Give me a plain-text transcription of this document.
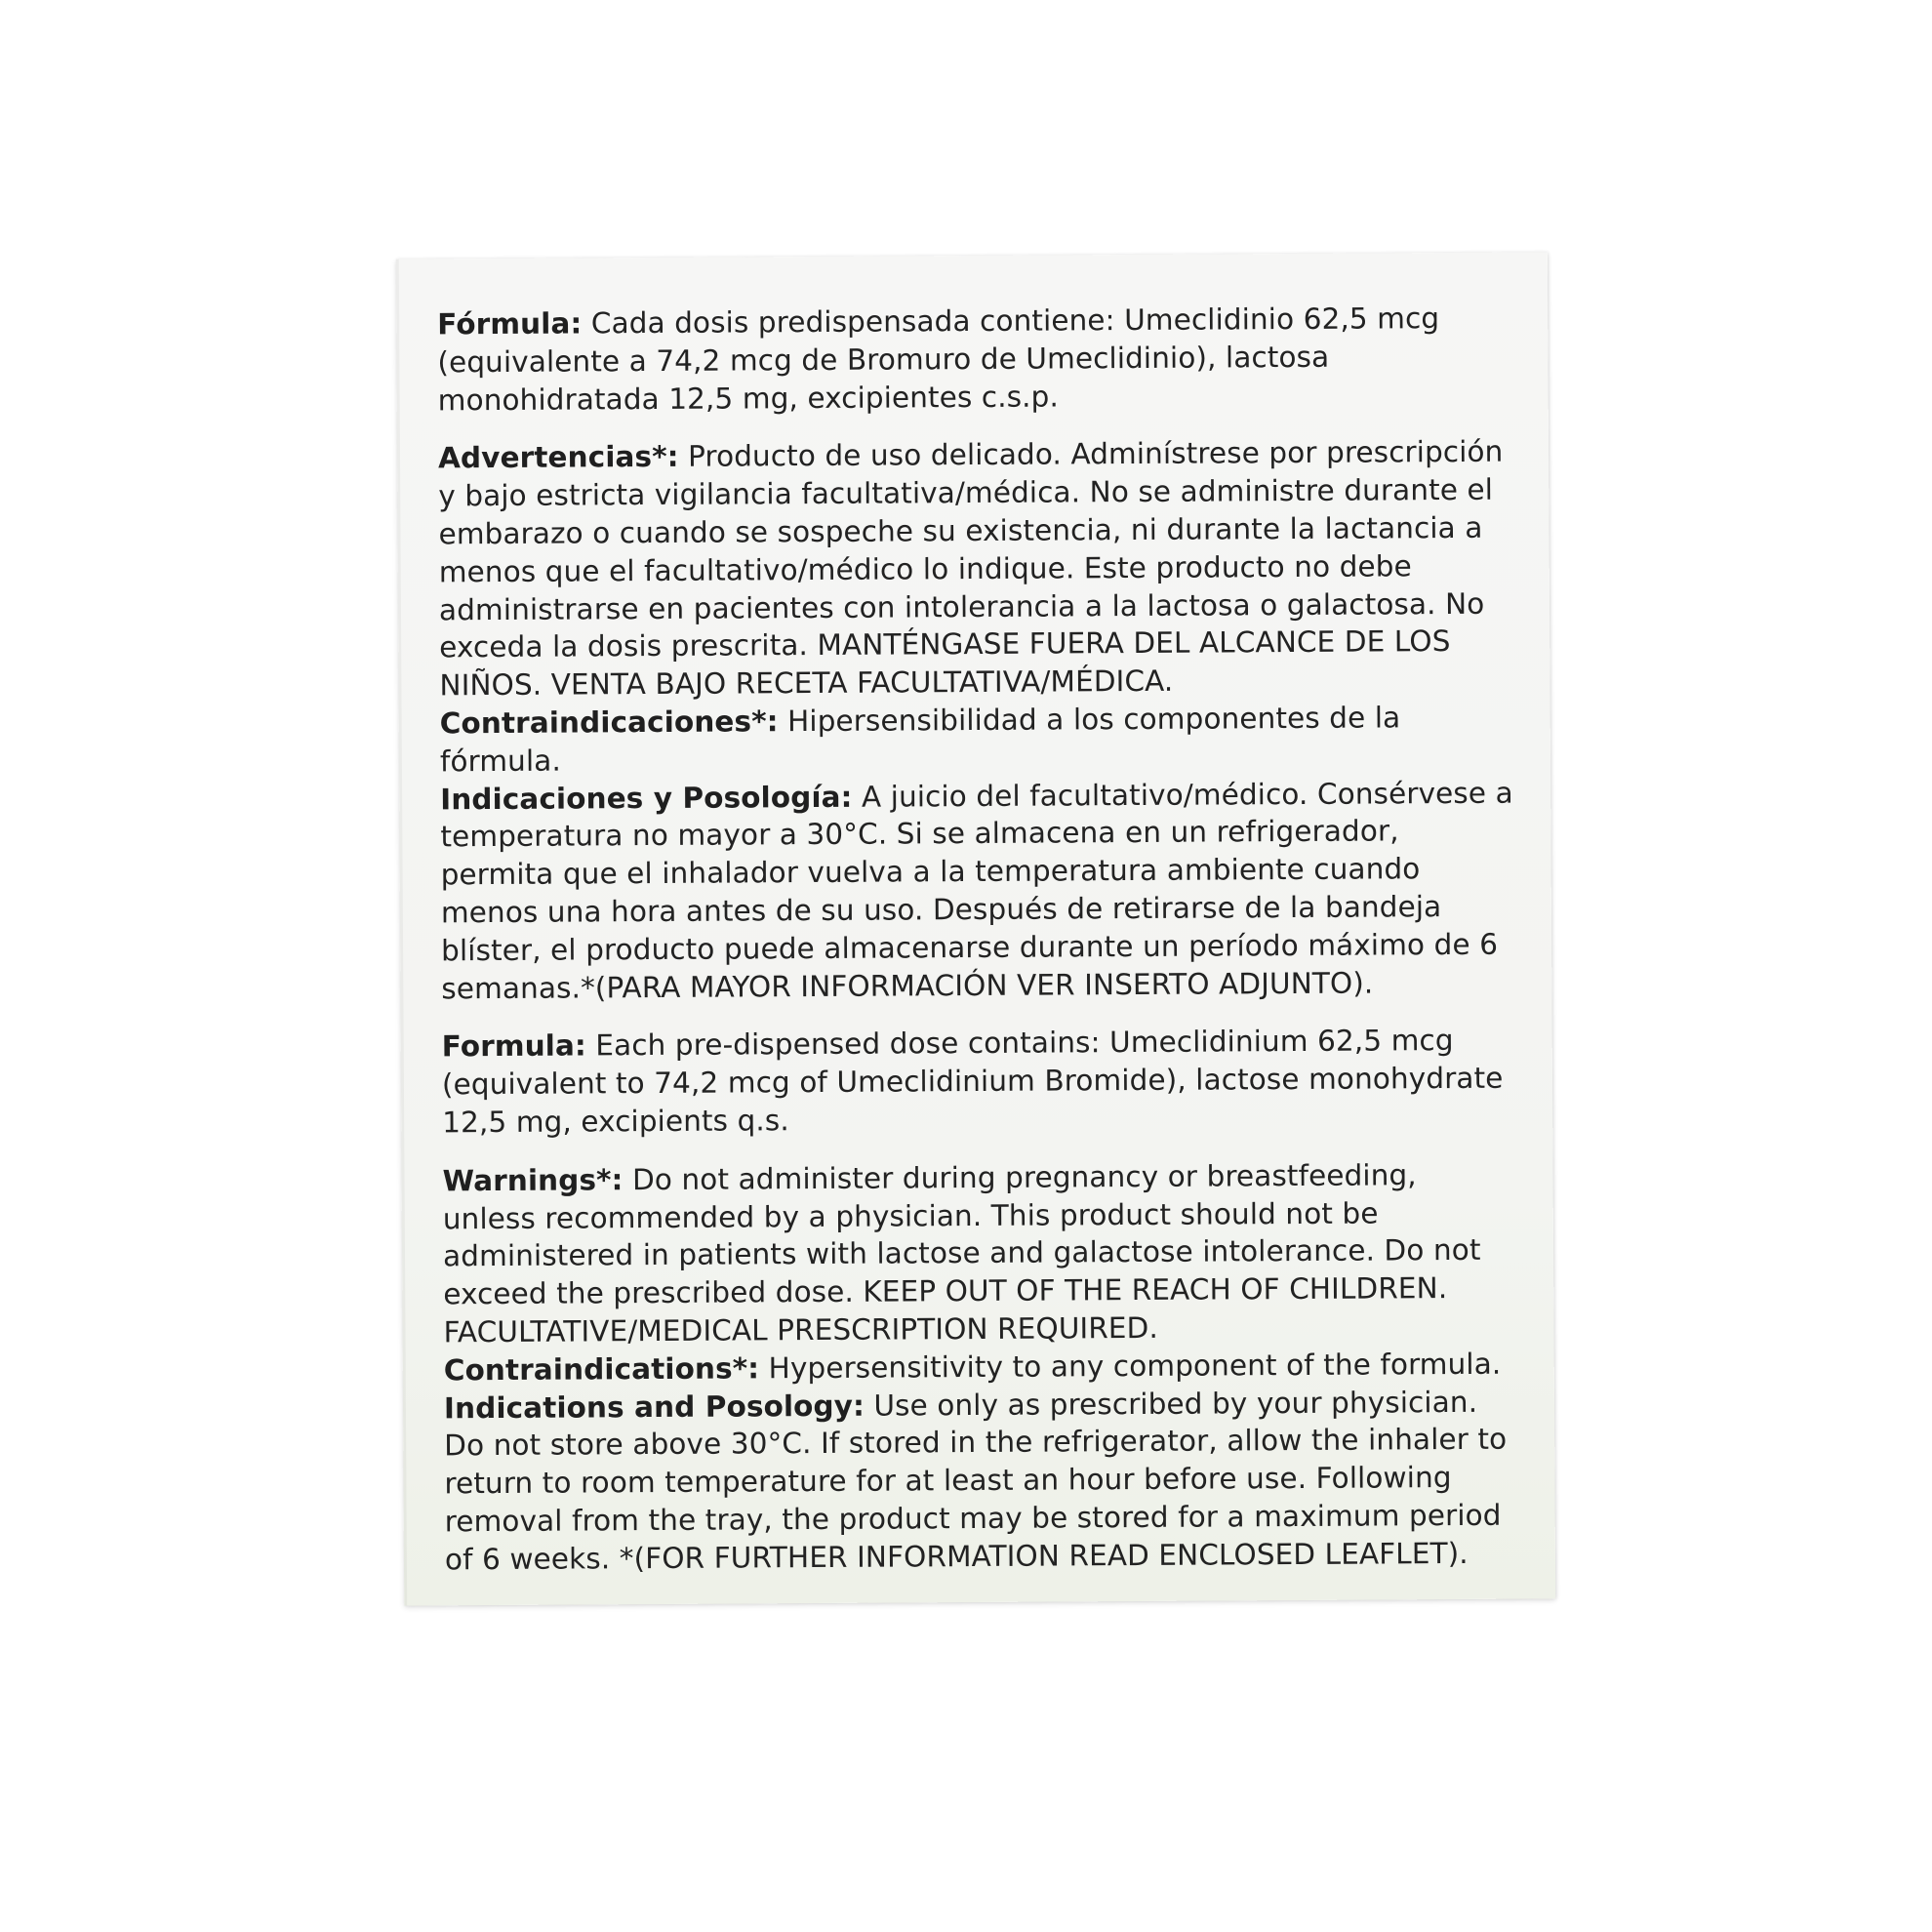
Fórmula: Cada dosis predispensada contiene: Umeclidinio 62,5 mcg (equivalente a 74,2 mcg de Bromuro de Umeclidinio), lactosa monohidratada 12,5 mg, excipientes c.s.p.

Advertencias*: Producto de uso delicado. Adminístrese por prescripción y bajo estricta vigilancia facultativa/médica. No se administre durante el embarazo o cuando se sospeche su existencia, ni durante la lactancia a menos que el facultativo/médico lo indique. Este producto no debe administrarse en pacientes con intolerancia a la lactosa o galactosa. No exceda la dosis prescrita. MANTÉNGASE FUERA DEL ALCANCE DE LOS NIÑOS. VENTA BAJO RECETA FACULTATIVA/MÉDICA.

Contraindicaciones*: Hipersensibilidad a los componentes de la fórmula.

Indicaciones y Posología: A juicio del facultativo/médico. Consérvese a temperatura no mayor a 30°C. Si se almacena en un refrigerador, permita que el inhalador vuelva a la temperatura ambiente cuando menos una hora antes de su uso. Después de retirarse de la bandeja blíster, el producto puede almacenarse durante un período máximo de 6 semanas.*(PARA MAYOR INFORMACIÓN VER INSERTO ADJUNTO).

Formula: Each pre-dispensed dose contains: Umeclidinium 62,5 mcg (equivalent to 74,2 mcg of Umeclidinium Bromide), lactose monohydrate 12,5 mg, excipients q.s.

Warnings*: Do not administer during pregnancy or breastfeeding, unless recommended by a physician. This product should not be administered in patients with lactose and galactose intolerance. Do not exceed the prescribed dose. KEEP OUT OF THE REACH OF CHILDREN. FACULTATIVE/MEDICAL PRESCRIPTION REQUIRED.

Contraindications*: Hypersensitivity to any component of the formula.

Indications and Posology: Use only as prescribed by your physician. Do not store above 30°C. If stored in the refrigerator, allow the inhaler to return to room temperature for at least an hour before use. Following removal from the tray, the product may be stored for a maximum period of 6 weeks. *(FOR FURTHER INFORMATION READ ENCLOSED LEAFLET).
